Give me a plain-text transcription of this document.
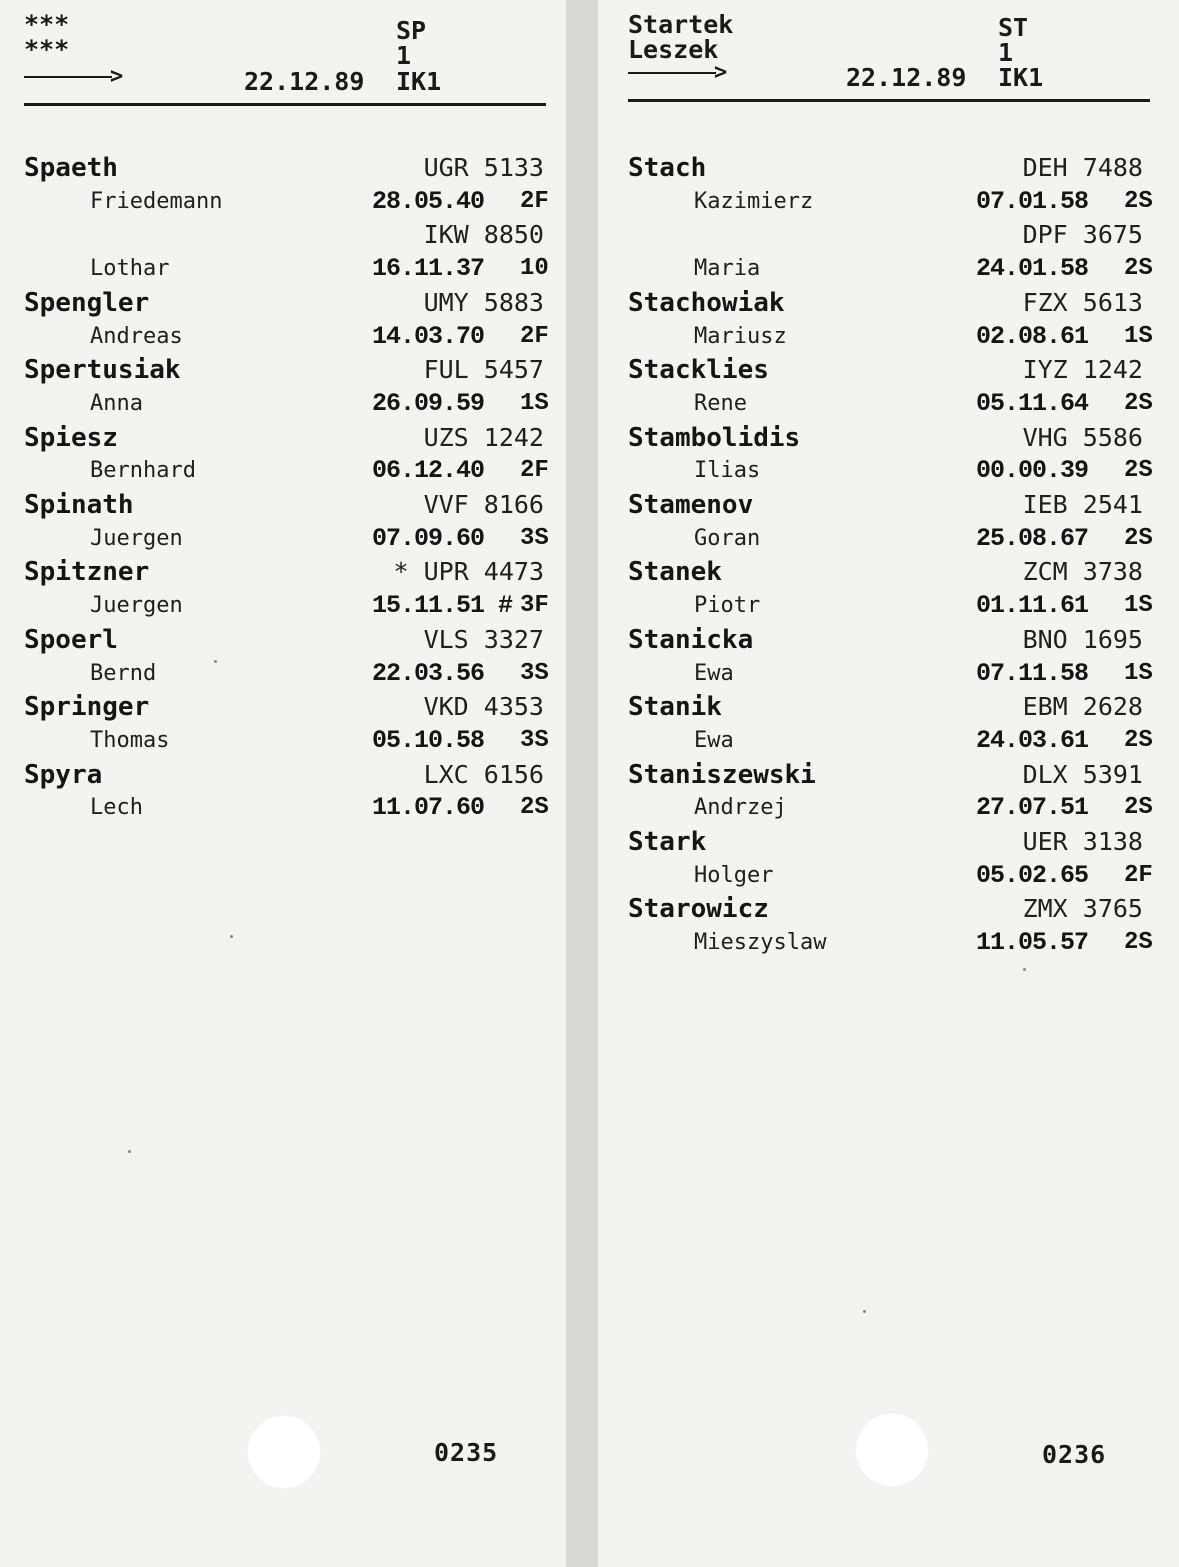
***
***
>
SP
1
22.12.89 IK1
Spaeth	UGR 5133
Friedemann	28.05.40 2F
IKW 8850
Lothar	16.11.37 10
Spengler	UMY 5883
Andreas	14.03.70 2F
Spertusiak	FUL 5457
Anna	26.09.59 1S
Spiesz	UZS 1242
Bernhard	06.12.40 2F
Spinath	VVF 8166
Juergen	07.09.60 3S
Spitzner	* UPR 4473
Juergen	15.11.51 # 3F
Spoerl	VLS 3327
Bernd	22.03.56 3S
Springer	VKD 4353
Thomas	05.10.58 3S
Spyra	LXC 6156
Lech	11.07.60 2S
0235
Startek
Leszek
>
ST
1
22.12.89 IK1
Stach	DEH 7488
Kazimierz	07.01.58 2S
DPF 3675
Maria	24.01.58 2S
Stachowiak	FZX 5613
Mariusz	02.08.61 1S
Stacklies	IYZ 1242
Rene	05.11.64 2S
Stambolidis	VHG 5586
Ilias	00.00.39 2S
Stamenov	IEB 2541
Goran	25.08.67 2S
Stanek	ZCM 3738
Piotr	01.11.61 1S
Stanicka	BNO 1695
Ewa	07.11.58 1S
Stanik	EBM 2628
Ewa	24.03.61 2S
Staniszewski	DLX 5391
Andrzej	27.07.51 2S
Stark	UER 3138
Holger	05.02.65 2F
Starowicz	ZMX 3765
Mieszyslaw	11.05.57 2S
0236
